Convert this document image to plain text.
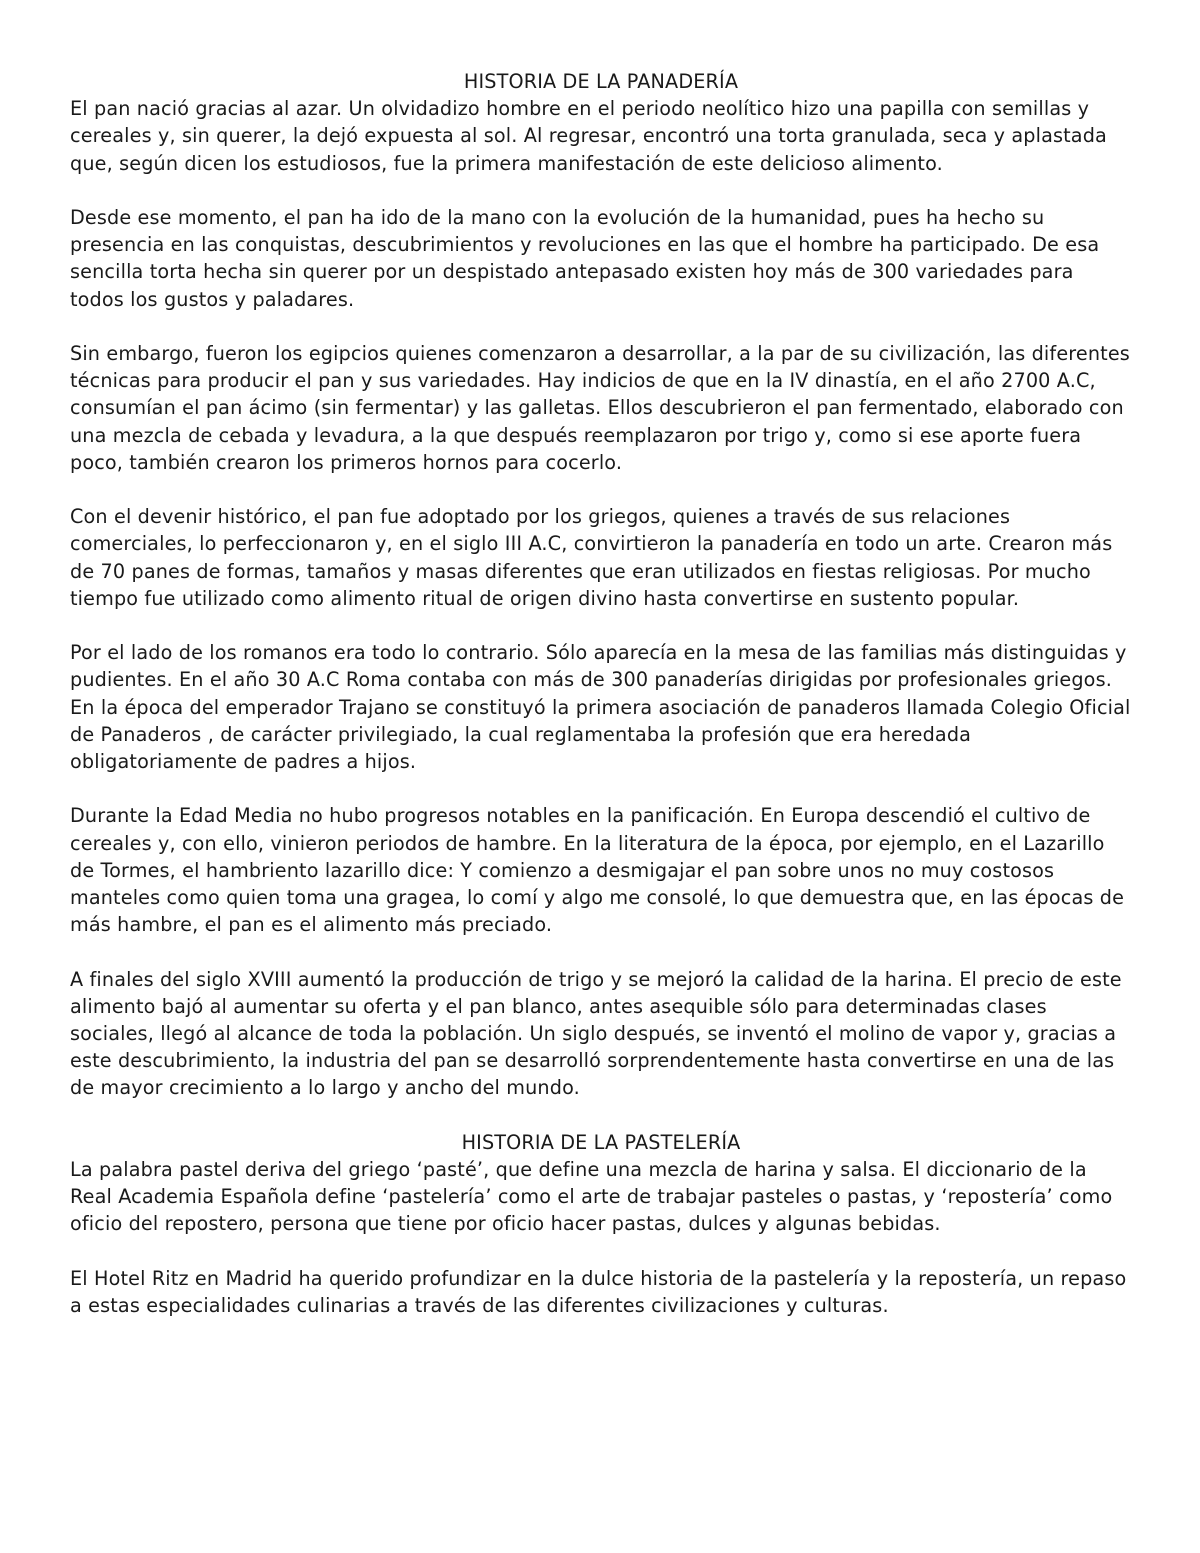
HISTORIA DE LA PANADERÍA

El pan nació gracias al azar. Un olvidadizo hombre en el periodo neolítico hizo una papilla con semillas y cereales y, sin querer, la dejó expuesta al sol. Al regresar, encontró una torta granulada, seca y aplastada que, según dicen los estudiosos, fue la primera manifestación de este delicioso alimento.

Desde ese momento, el pan ha ido de la mano con la evolución de la humanidad, pues ha hecho su presencia en las conquistas, descubrimientos y revoluciones en las que el hombre ha participado. De esa sencilla torta hecha sin querer por un despistado antepasado existen hoy más de 300 variedades para todos los gustos y paladares.

Sin embargo, fueron los egipcios quienes comenzaron a desarrollar, a la par de su civilización, las diferentes técnicas para producir el pan y sus variedades. Hay indicios de que en la IV dinastía, en el año 2700 A.C, consumían el pan ácimo (sin fermentar) y las galletas. Ellos descubrieron el pan fermentado, elaborado con una mezcla de cebada y levadura, a la que después reemplazaron por trigo y, como si ese aporte fuera poco, también crearon los primeros hornos para cocerlo.

Con el devenir histórico, el pan fue adoptado por los griegos, quienes a través de sus relaciones comerciales, lo perfeccionaron y, en el siglo III A.C, convirtieron la panadería en todo un arte. Crearon más de 70 panes de formas, tamaños y masas diferentes que eran utilizados en fiestas religiosas. Por mucho tiempo fue utilizado como alimento ritual de origen divino hasta convertirse en sustento popular.

Por el lado de los romanos era todo lo contrario. Sólo aparecía en la mesa de las familias más distinguidas y pudientes. En el año 30 A.C Roma contaba con más de 300 panaderías dirigidas por profesionales griegos. En la época del emperador Trajano se constituyó la primera asociación de panaderos llamada Colegio Oficial de Panaderos , de carácter privilegiado, la cual reglamentaba la profesión que era heredada obligatoriamente de padres a hijos.

Durante la Edad Media no hubo progresos notables en la panificación. En Europa descendió el cultivo de cereales y, con ello, vinieron periodos de hambre. En la literatura de la época, por ejemplo, en el Lazarillo de Tormes, el hambriento lazarillo dice: Y comienzo a desmigajar el pan sobre unos no muy costosos manteles como quien toma una gragea, lo comí y algo me consolé, lo que demuestra que, en las épocas de más hambre, el pan es el alimento más preciado.

A finales del siglo XVIII aumentó la producción de trigo y se mejoró la calidad de la harina. El precio de este alimento bajó al aumentar su oferta y el pan blanco, antes asequible sólo para determinadas clases sociales, llegó al alcance de toda la población. Un siglo después, se inventó el molino de vapor y, gracias a este descubrimiento, la industria del pan se desarrolló sorprendentemente hasta convertirse en una de las de mayor crecimiento a lo largo y ancho del mundo.

HISTORIA DE LA PASTELERÍA

La palabra pastel deriva del griego ‘pasté’, que define una mezcla de harina y salsa. El diccionario de la Real Academia Española define ‘pastelería’ como el arte de trabajar pasteles o pastas, y ‘repostería’ como oficio del repostero, persona que tiene por oficio hacer pastas, dulces y algunas bebidas.

El Hotel Ritz en Madrid ha querido profundizar en la dulce historia de la pastelería y la repostería, un repaso a estas especialidades culinarias a través de las diferentes civilizaciones y culturas.
